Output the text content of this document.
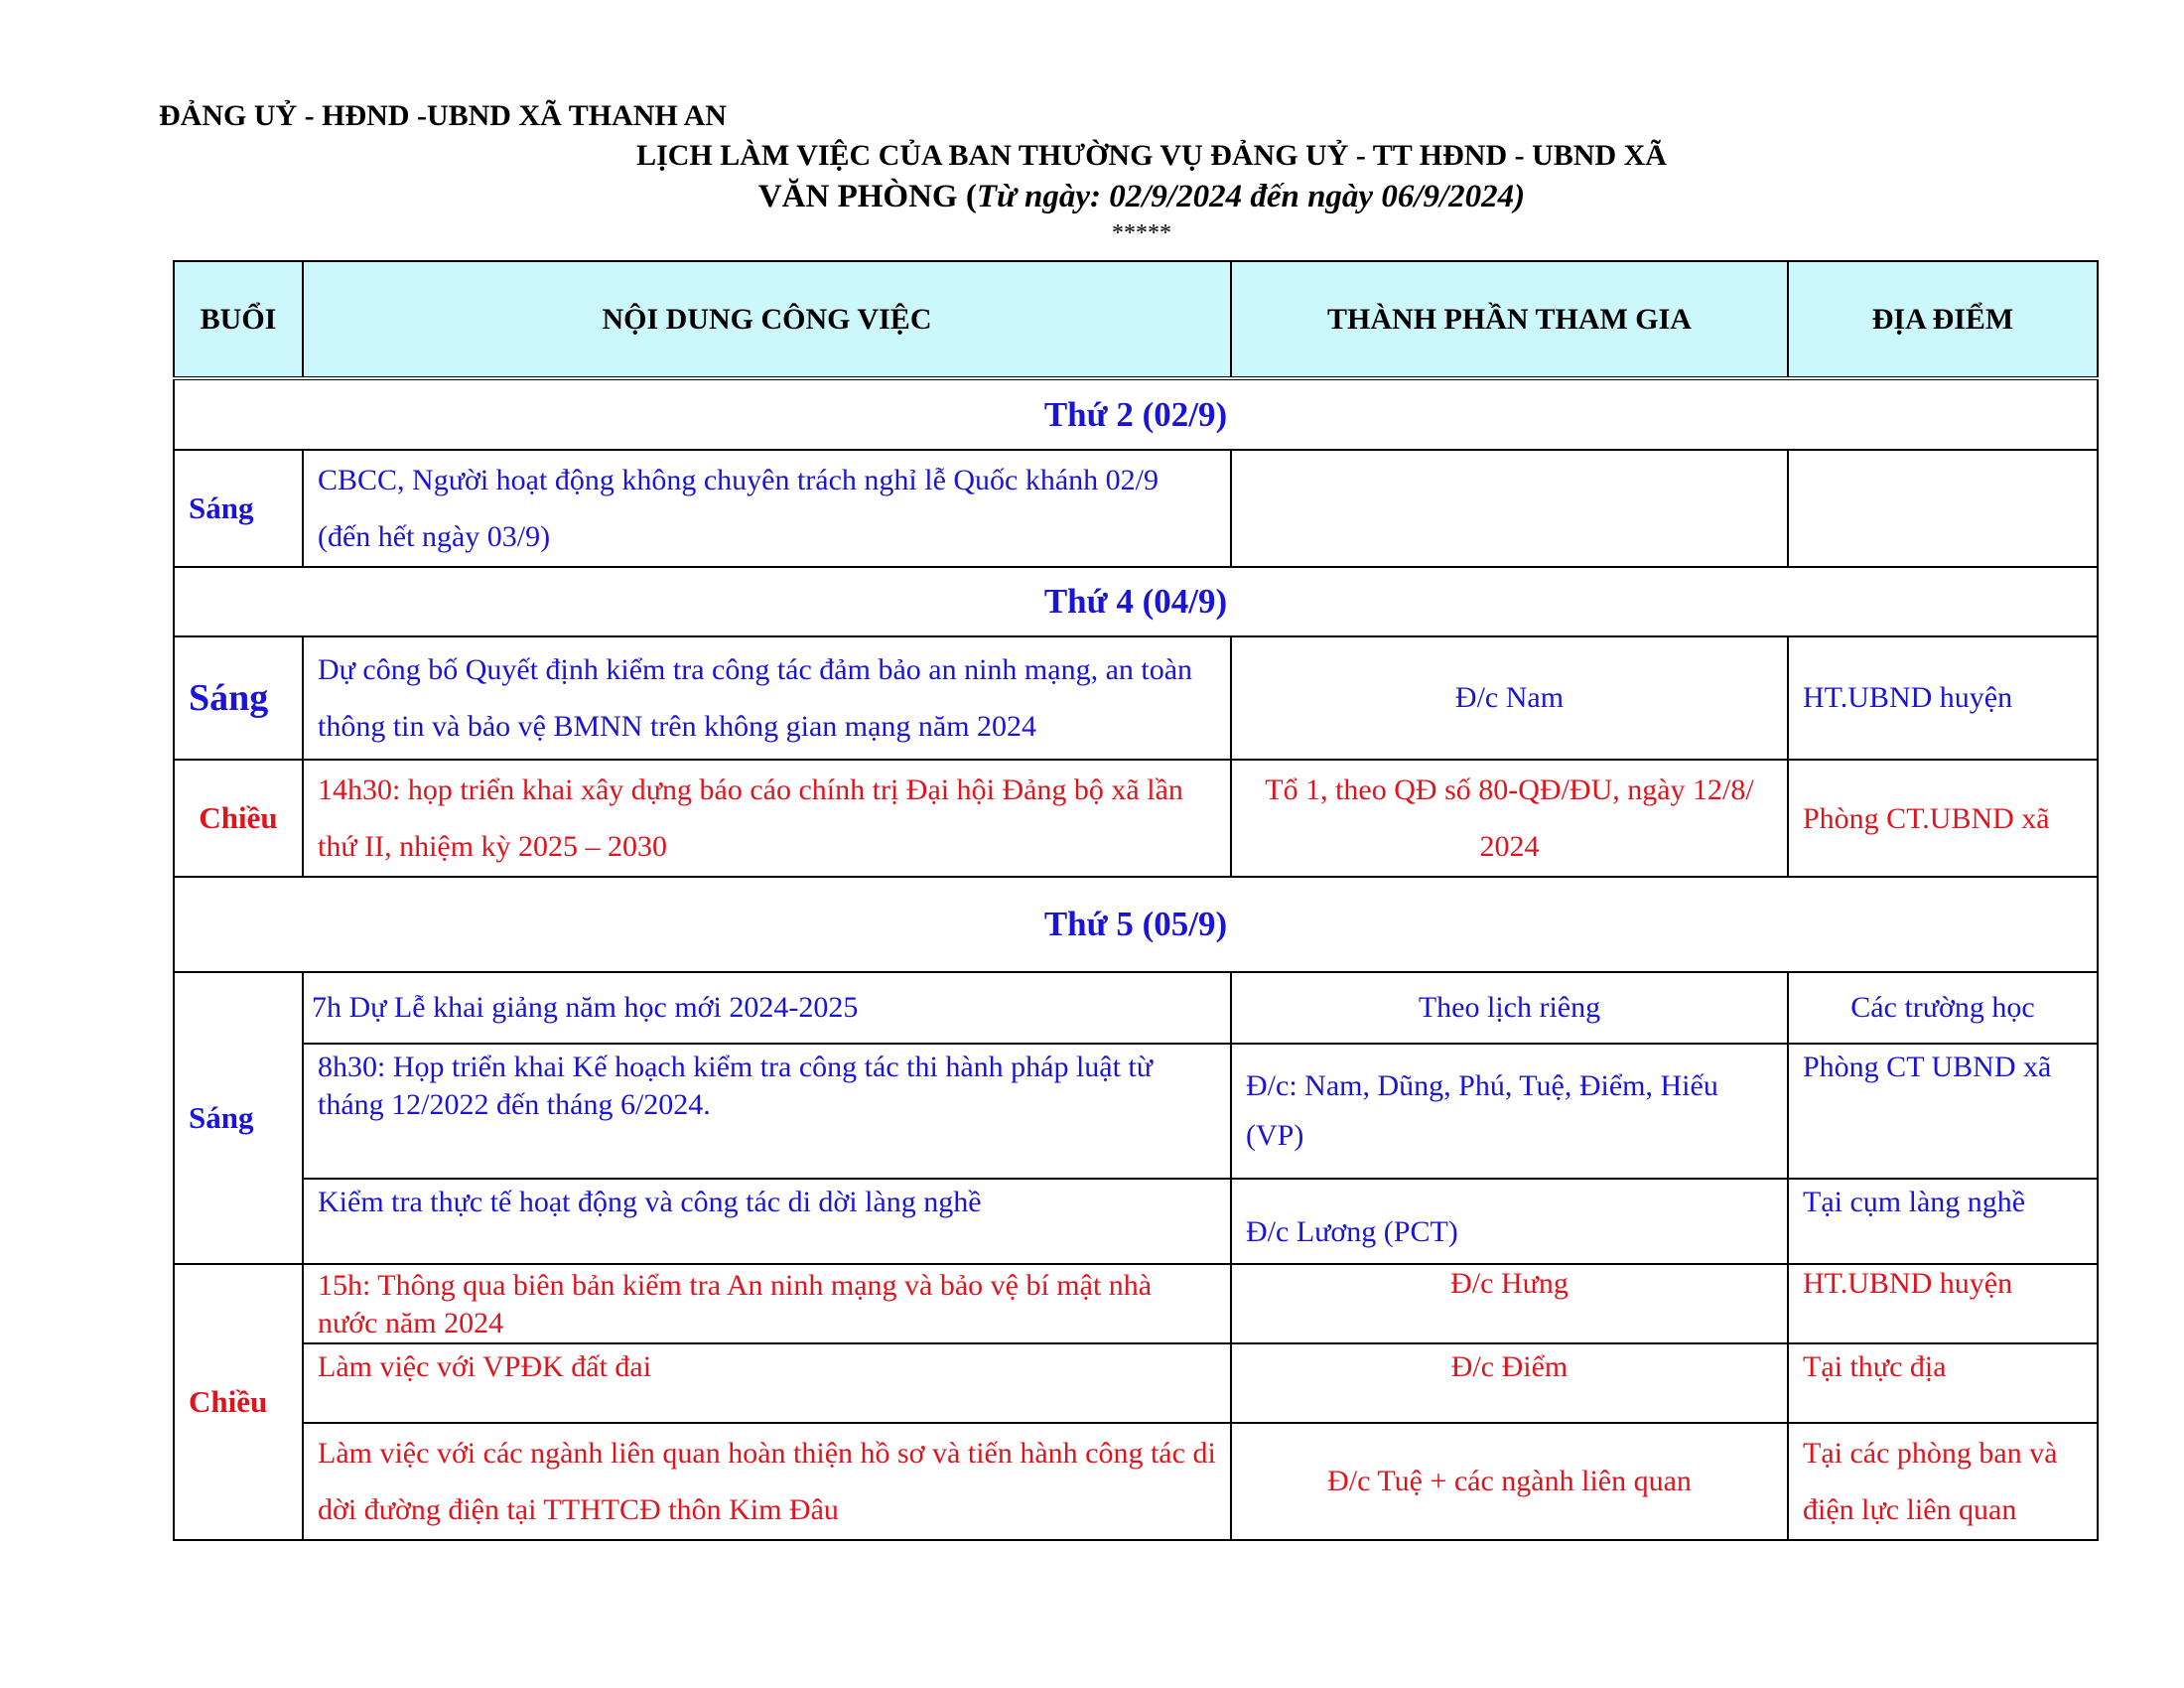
ĐẢNG UỶ - HĐND -UBND XÃ THANH AN
LỊCH LÀM VIỆC CỦA BAN THƯỜNG VỤ ĐẢNG UỶ - TT HĐND - UBND XÃ
VĂN PHÒNG (Từ ngày: 02/9/2024 đến ngày 06/9/2024)
*****
BUỔI	NỘI DUNG CÔNG VIỆC	THÀNH PHẦN THAM GIA	ĐỊA ĐIỂM
Thứ 2 (02/9)			
Sáng	CBCC, Người hoạt động không chuyên trách nghỉ lễ Quốc khánh 02/9 (đến hết ngày 03/9)		
Thứ 4 (04/9)			
Sáng	Dự công bố Quyết định kiểm tra công tác đảm bảo an ninh mạng, an toàn thông tin và bảo vệ BMNN trên không gian mạng năm 2024	Đ/c Nam	HT.UBND huyện
Chiều	14h30: họp triển khai xây dựng báo cáo chính trị Đại hội Đảng bộ xã lần thứ II, nhiệm kỳ 2025 – 2030	Tổ 1, theo QĐ số 80-QĐ/ĐU, ngày 12/8/ 2024	Phòng CT.UBND xã
Thứ 5 (05/9)			
Sáng	7h Dự Lễ khai giảng năm học mới 2024-2025	Theo lịch riêng	Các trường học
	8h30: Họp triển khai Kế hoạch kiểm tra công tác thi hành pháp luật từ tháng 12/2022 đến tháng 6/2024.	Đ/c: Nam, Dũng, Phú, Tuệ, Điểm, Hiếu (VP)	Phòng CT UBND xã
	Kiểm tra thực tế hoạt động và công tác di dời làng nghề	Đ/c Lương (PCT)	Tại cụm làng nghề
Chiều	15h: Thông qua biên bản kiểm tra An ninh mạng và bảo vệ bí mật nhà nước năm 2024	Đ/c Hưng	HT.UBND huyện
	Làm việc với VPĐK đất đai	Đ/c Điểm	Tại thực địa
	Làm việc với các ngành liên quan hoàn thiện hồ sơ và tiến hành công tác di dời đường điện tại TTHTCĐ thôn Kim Đâu	Đ/c Tuệ + các ngành liên quan	Tại các phòng ban và điện lực liên quan
